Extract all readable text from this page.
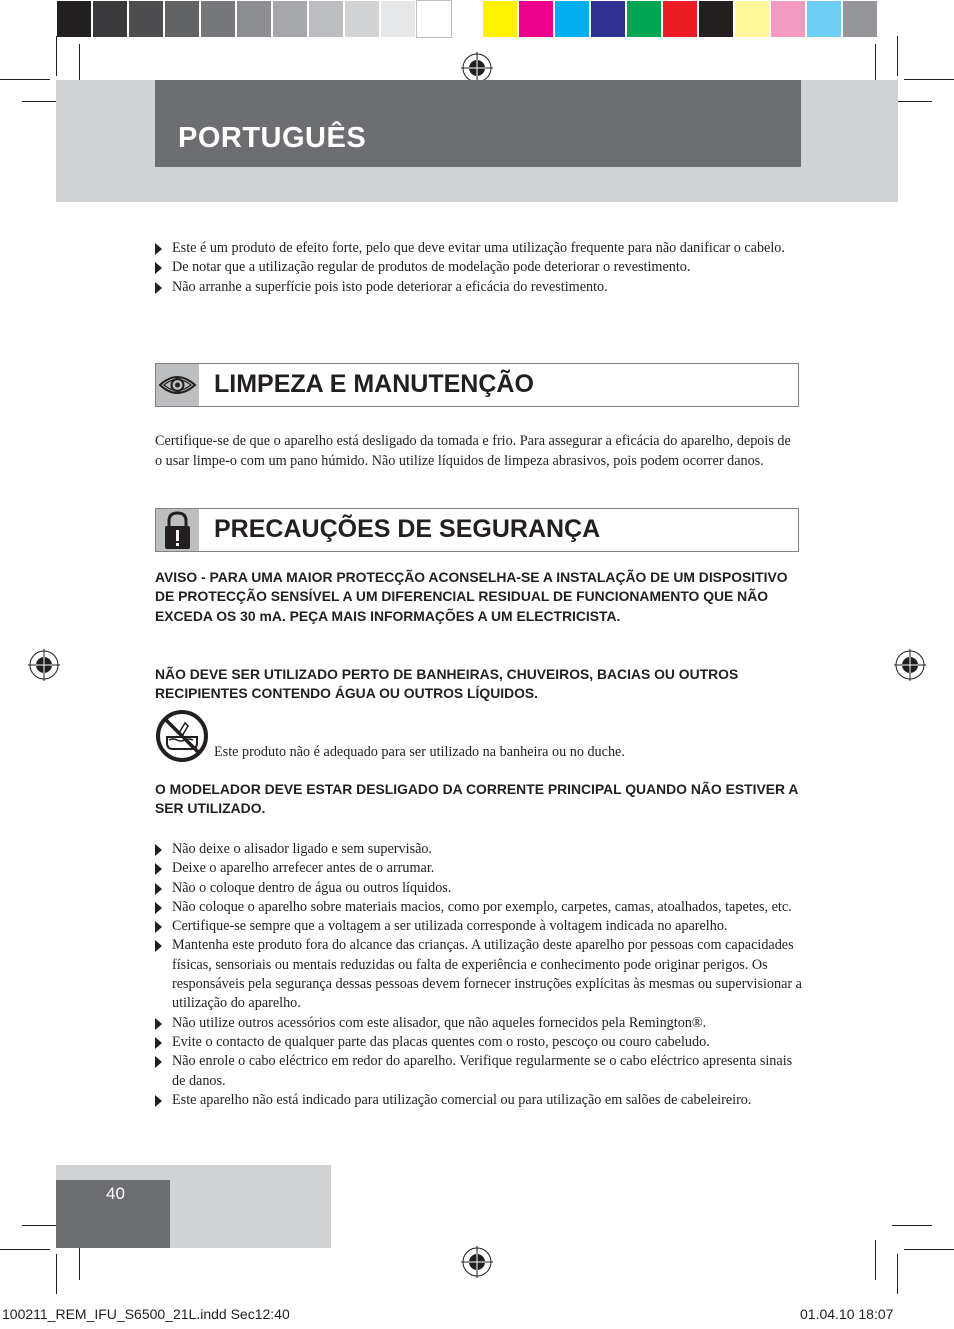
PORTUGUÊS
Este é um produto de efeito forte, pelo que deve evitar uma utilização frequente para não danificar o cabelo.
De notar que a utilização regular de produtos de modelação pode deteriorar o revestimento.
Não arranhe a superfície pois isto pode deteriorar a eficácia do revestimento.
LIMPEZA E MANUTENÇÃO
Certifique-se de que o aparelho está desligado da tomada e frio. Para assegurar a eficácia do aparelho, depois de o usar limpe-o com um pano húmido. Não utilize líquidos de limpeza abrasivos, pois podem ocorrer danos.
PRECAUÇÕES DE SEGURANÇA
AVISO - PARA UMA MAIOR PROTECÇÃO ACONSELHA-SE A INSTALAÇÃO DE UM DISPOSITIVO DE PROTECÇÃO SENSÍVEL A UM DIFERENCIAL RESIDUAL DE FUNCIONAMENTO QUE NÃO EXCEDA OS 30 mA. PEÇA MAIS INFORMAÇÕES A UM ELECTRICISTA.
NÃO DEVE SER UTILIZADO PERTO DE BANHEIRAS, CHUVEIROS, BACIAS OU OUTROS RECIPIENTES CONTENDO ÁGUA OU OUTROS LÍQUIDOS.
Este produto não é adequado para ser utilizado na banheira ou no duche.
O MODELADOR DEVE ESTAR DESLIGADO DA CORRENTE PRINCIPAL QUANDO NÃO ESTIVER A SER UTILIZADO.
Não deixe o alisador ligado e sem supervisão.
Deixe o aparelho arrefecer antes de o arrumar.
Não o coloque dentro de água ou outros líquidos.
Não coloque o aparelho sobre materiais macios, como por exemplo, carpetes, camas, atoalhados, tapetes, etc.
Certifique-se sempre que a voltagem a ser utilizada corresponde à voltagem indicada no aparelho.
Mantenha este produto fora do alcance das crianças. A utilização deste aparelho por pessoas com capacidades físicas, sensoriais ou mentais reduzidas ou falta de experiência e conhecimento pode originar perigos. Os responsáveis pela segurança dessas pessoas devem fornecer instruções explícitas às mesmas ou supervisionar a utilização do aparelho.
Não utilize outros acessórios com este alisador, que não aqueles fornecidos pela Remington®.
Evite o contacto de qualquer parte das placas quentes com o rosto, pescoço ou couro cabeludo.
Não enrole o cabo eléctrico em redor do aparelho. Verifique regularmente se o cabo eléctrico apresenta sinais de danos.
Este aparelho não está indicado para utilização comercial ou para utilização em salões de cabeleireiro.
40
100211_REM_IFU_S6500_21L.indd Sec12:40	01.04.10 18:07
